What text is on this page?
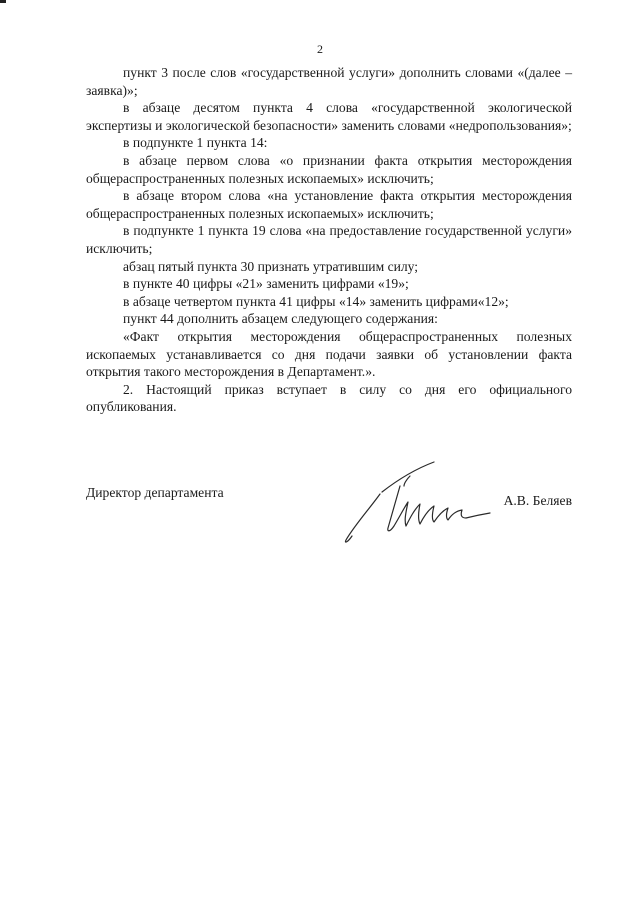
2

пункт 3 после слов «государственной услуги» дополнить словами «(далее – заявка)»;

в абзаце десятом пункта 4 слова «государственной экологической экспертизы и экологической безопасности» заменить словами «недропользования»;

в подпункте 1 пункта 14:

в абзаце первом слова «о признании факта открытия месторождения общераспространенных полезных ископаемых» исключить;

в абзаце втором слова «на установление факта открытия месторождения общераспространенных полезных ископаемых» исключить;

в подпункте 1 пункта 19 слова «на предоставление государственной услуги» исключить;

абзац пятый пункта 30 признать утратившим силу;

в пункте 40 цифры «21» заменить цифрами «19»;

в абзаце четвертом пункта 41 цифры «14» заменить цифрами«12»;

пункт 44 дополнить абзацем следующего содержания:

«Факт открытия месторождения общераспространенных полезных ископаемых устанавливается со дня подачи заявки об установлении факта открытия такого месторождения в Департамент.».

2. Настоящий приказ вступает в силу со дня его официального опубликования.

Директор департамента
А.В. Беляев
